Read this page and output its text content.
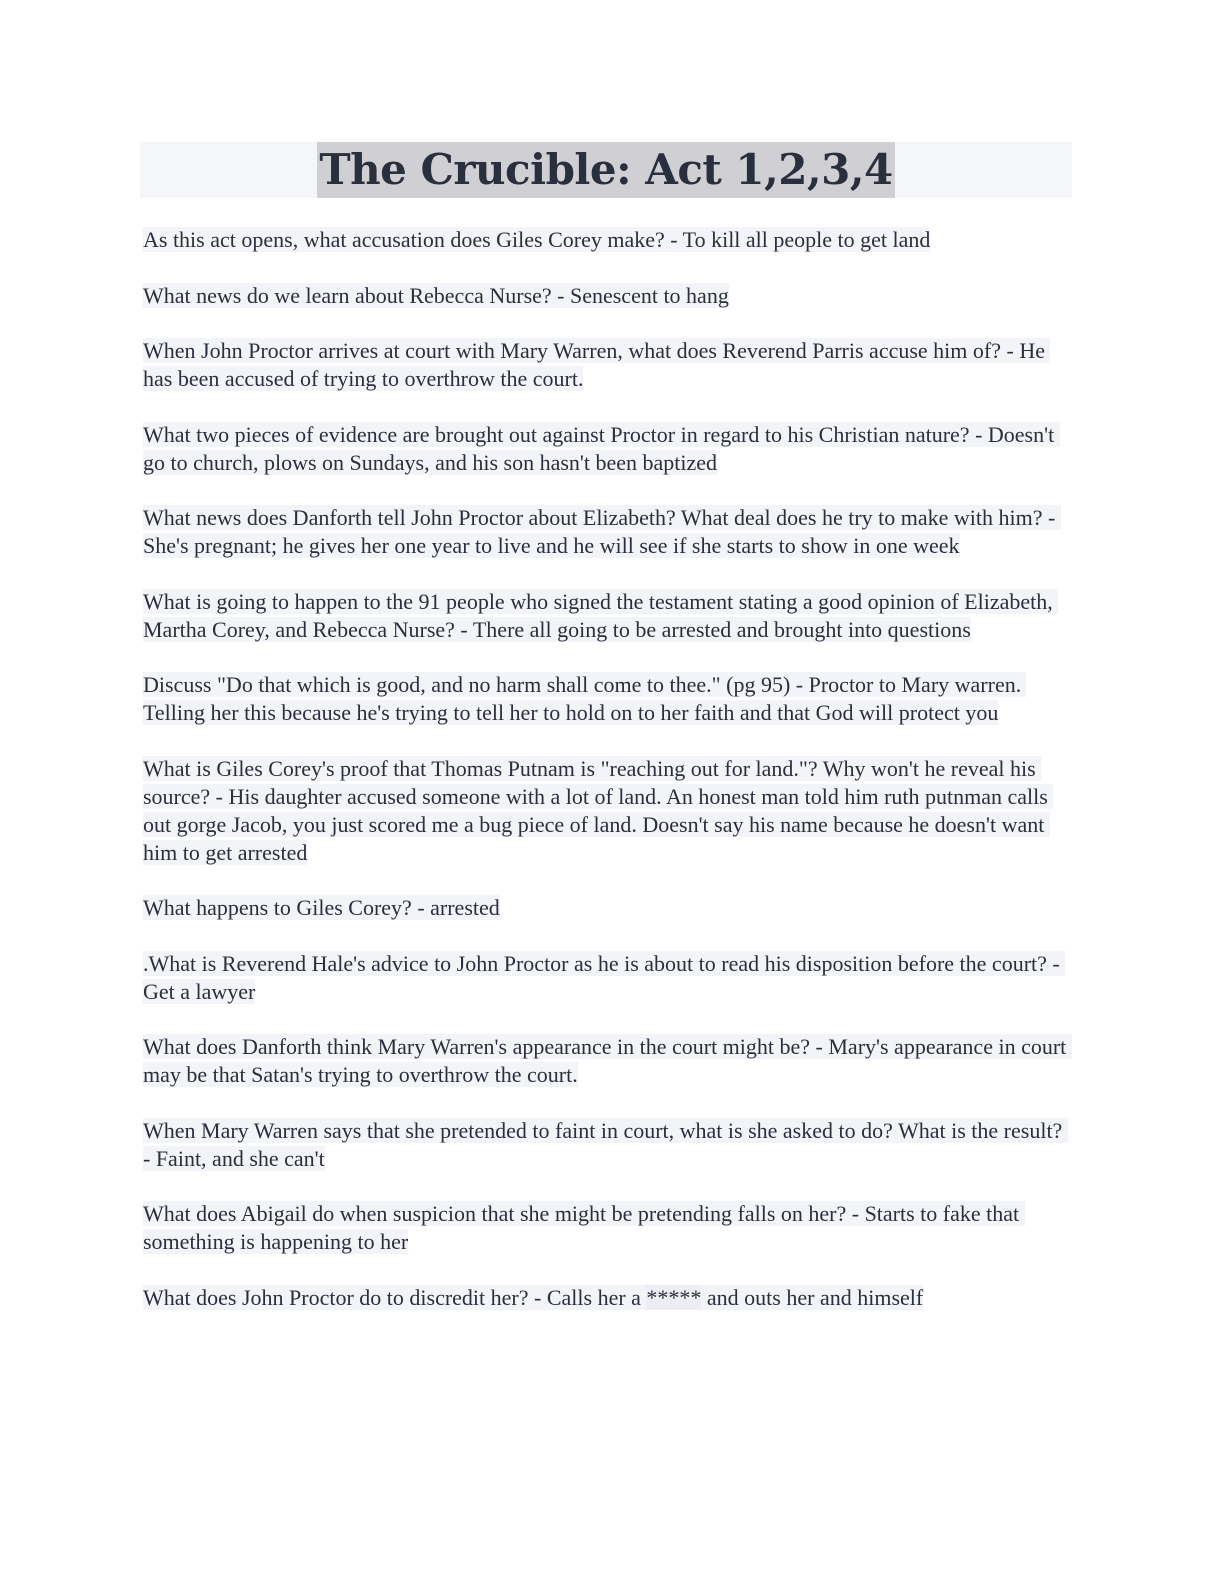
The Crucible: Act 1,2,3,4

As this act opens, what accusation does Giles Corey make? - To kill all people to get land

What news do we learn about Rebecca Nurse? - Senescent to hang

When John Proctor arrives at court with Mary Warren, what does Reverend Parris accuse him of? - He has been accused of trying to overthrow the court.

What two pieces of evidence are brought out against Proctor in regard to his Christian nature? - Doesn't go to church, plows on Sundays, and his son hasn't been baptized

What news does Danforth tell John Proctor about Elizabeth? What deal does he try to make with him? - She's pregnant; he gives her one year to live and he will see if she starts to show in one week

What is going to happen to the 91 people who signed the testament stating a good opinion of Elizabeth, Martha Corey, and Rebecca Nurse? - There all going to be arrested and brought into questions

Discuss "Do that which is good, and no harm shall come to thee." (pg 95) - Proctor to Mary warren. Telling her this because he's trying to tell her to hold on to her faith and that God will protect you

What is Giles Corey's proof that Thomas Putnam is "reaching out for land."? Why won't he reveal his source? - His daughter accused someone with a lot of land. An honest man told him ruth putnman calls out gorge Jacob, you just scored me a bug piece of land. Doesn't say his name because he doesn't want him to get arrested

What happens to Giles Corey? - arrested

.What is Reverend Hale's advice to John Proctor as he is about to read his disposition before the court? - Get a lawyer

What does Danforth think Mary Warren's appearance in the court might be? - Mary's appearance in court may be that Satan's trying to overthrow the court.

When Mary Warren says that she pretended to faint in court, what is she asked to do? What is the result? - Faint, and she can't

What does Abigail do when suspicion that she might be pretending falls on her? - Starts to fake that something is happening to her

What does John Proctor do to discredit her? - Calls her a ***** and outs her and himself
